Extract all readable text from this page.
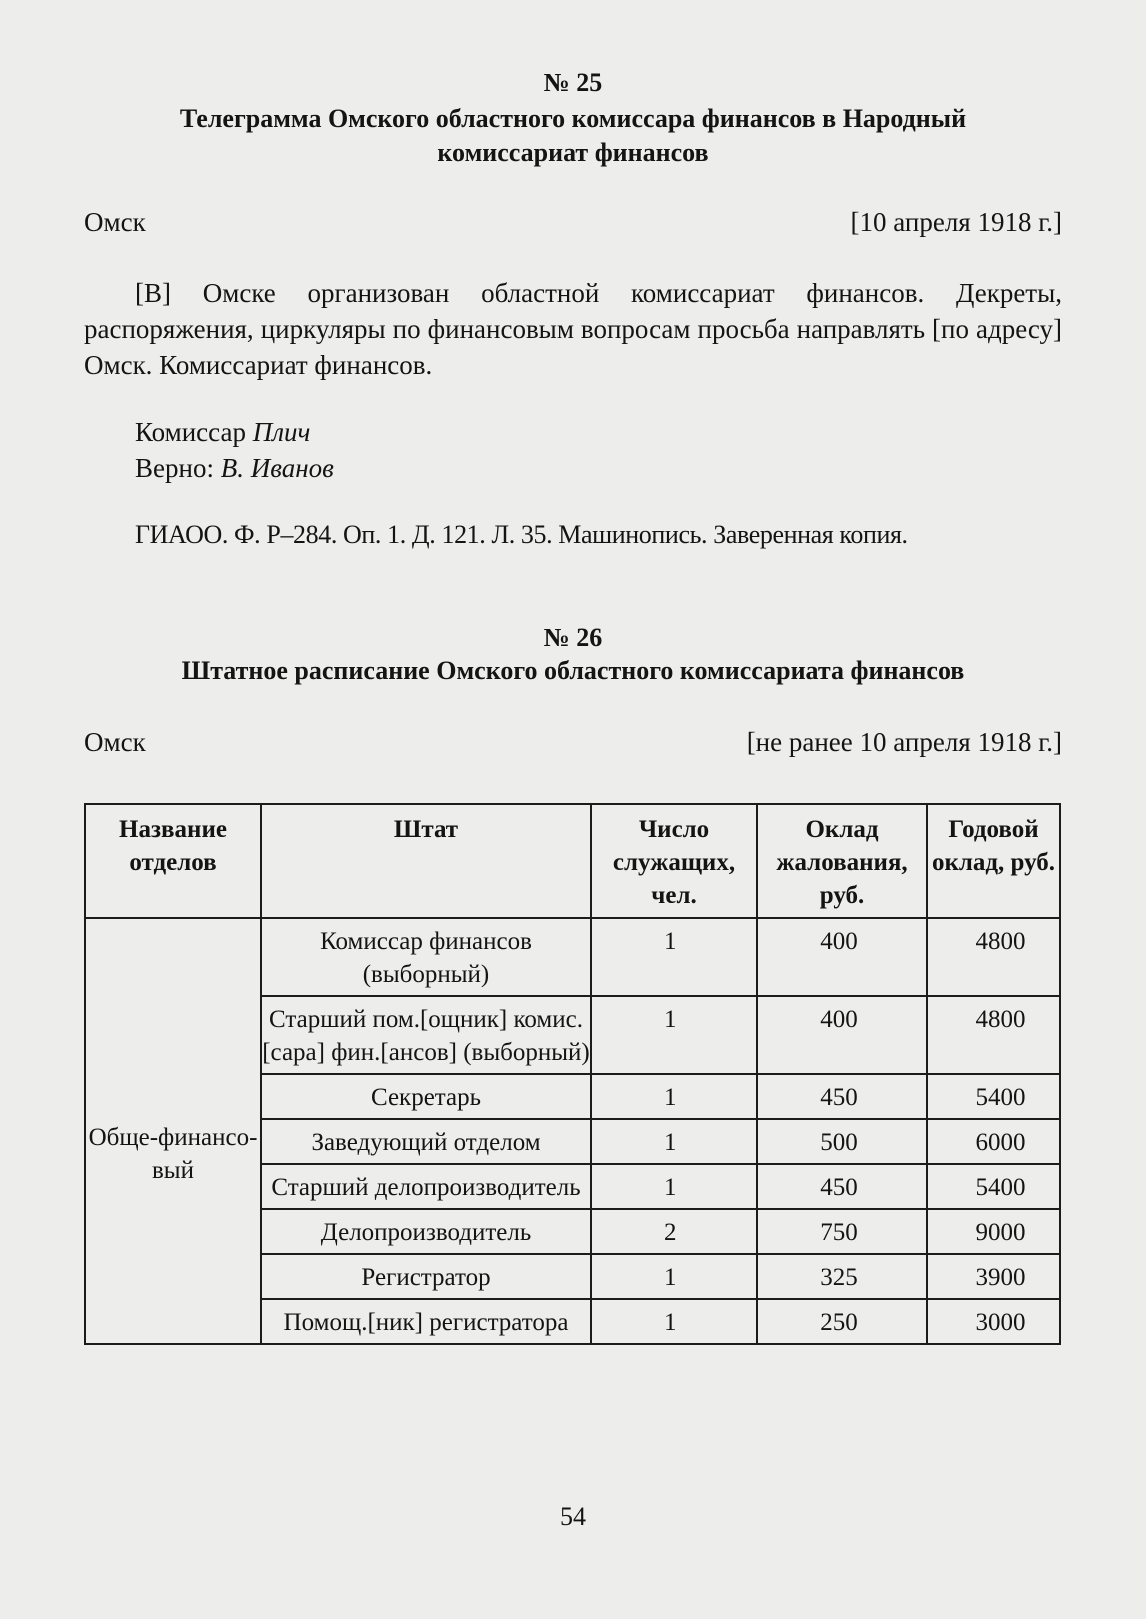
№ 25

Телеграмма Омского областного комиссара финансов в Народный комиссариат финансов

Омск	[10 апреля 1918 г.]

[В] Омске организован областной комиссариат финансов. Декреты, распоряжения, циркуляры по финансовым вопросам просьба направлять [по адресу] Омск. Комиссариат финансов.

Комиссар Плич

Верно: В. Иванов

ГИАОО. Ф. Р–284. Оп. 1. Д. 121. Л. 35. Машинопись. Заверенная копия.

№ 26

Штатное расписание Омского областного комиссариата финансов

Омск	[не ранее 10 апреля 1918 г.]

Название отделов	Штат	Число служащих, чел.	Оклад жалования, руб.	Годовой оклад, руб.
Обще-финансо-вый	Комиссар финансов (выборный)	1	400	4800
	Старший пом.[ощник] комис.[сара] фин.[ансов] (выборный)	1	400	4800
	Секретарь	1	450	5400
	Заведующий отделом	1	500	6000
	Старший делопроизводитель	1	450	5400
	Делопроизводитель	2	750	9000
	Регистратор	1	325	3900
	Помощ.[ник] регистратора	1	250	3000

54
